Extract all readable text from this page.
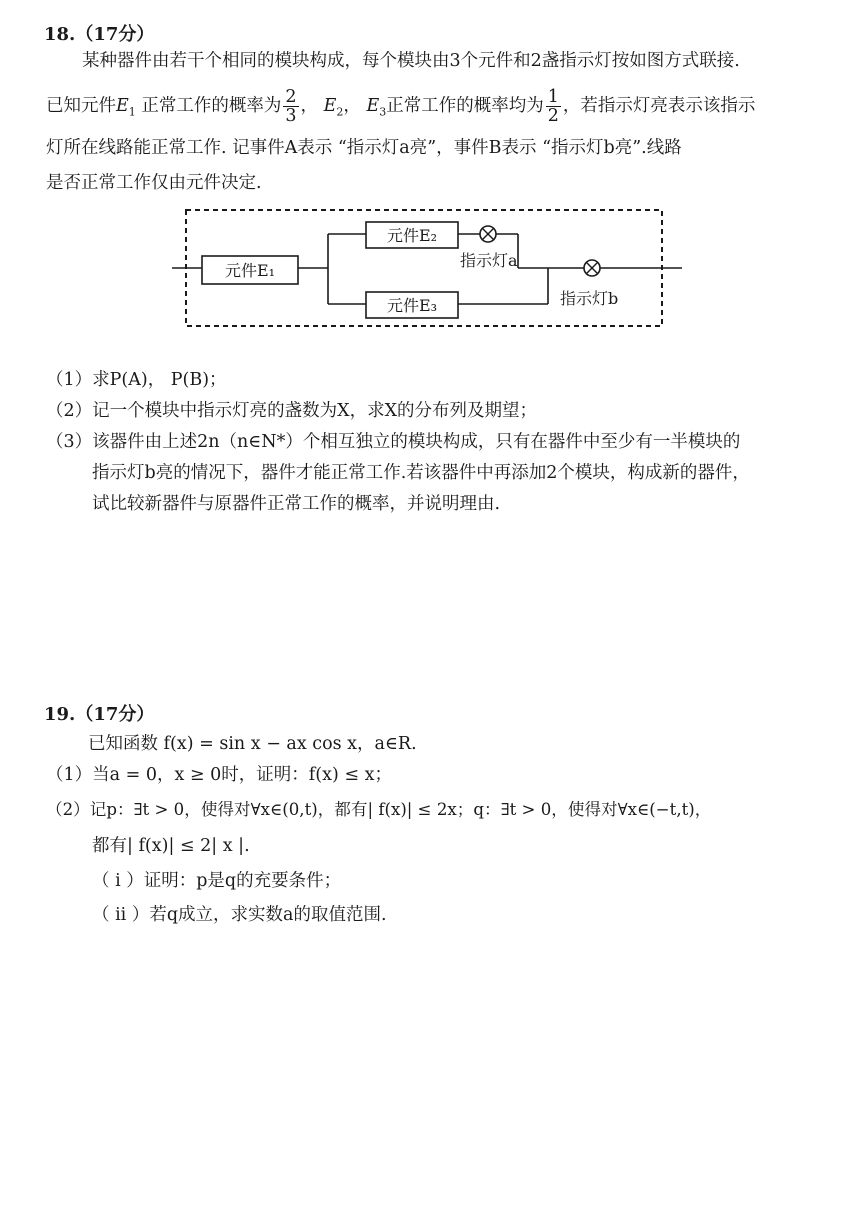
18.（17分）
某种器件由若干个相同的模块构成，每个模块由3个元件和2盏指示灯按如图方式联接.
已知元件$E_1$ 正常工作的概率为 $\frac{2}{3}$ ， $E_2$， $E_3$正常工作的概率均为 $\frac{1}{2}$ ，若指示灯亮表示该指示
灯所在线路能正常工作. 记事件A表示 “指示灯a亮”，事件B表示 “指示灯b亮”.线路
是否正常工作仅由元件决定.
元件E₁
元件E₂
指示灯a
元件E₃	指示灯b
（1）求P(A)， P(B)；
（2）记一个模块中指示灯亮的盏数为X，求X的分布列及期望；
（3）该器件由上述2n（n∈N*）个相互独立的模块构成，只有在器件中至少有一半模块的
指示灯b亮的情况下，器件才能正常工作.若该器件中再添加2个模块，构成新的器件，
试比较新器件与原器件正常工作的概率，并说明理由.
19.（17分）
已知函数 f(x) = sin x − ax cos x，a∈R.
（1）当a = 0，x ≥ 0时，证明：f(x) ≤ x；
（2）记p：∃t > 0，使得对∀x∈(0,t)，都有| f(x)| ≤ 2x；q：∃t > 0，使得对∀x∈(−t,t)，
都有| f(x)| ≤ 2| x |.
（ i ）证明：p是q的充要条件；
（ ii ）若q成立，求实数a的取值范围.
